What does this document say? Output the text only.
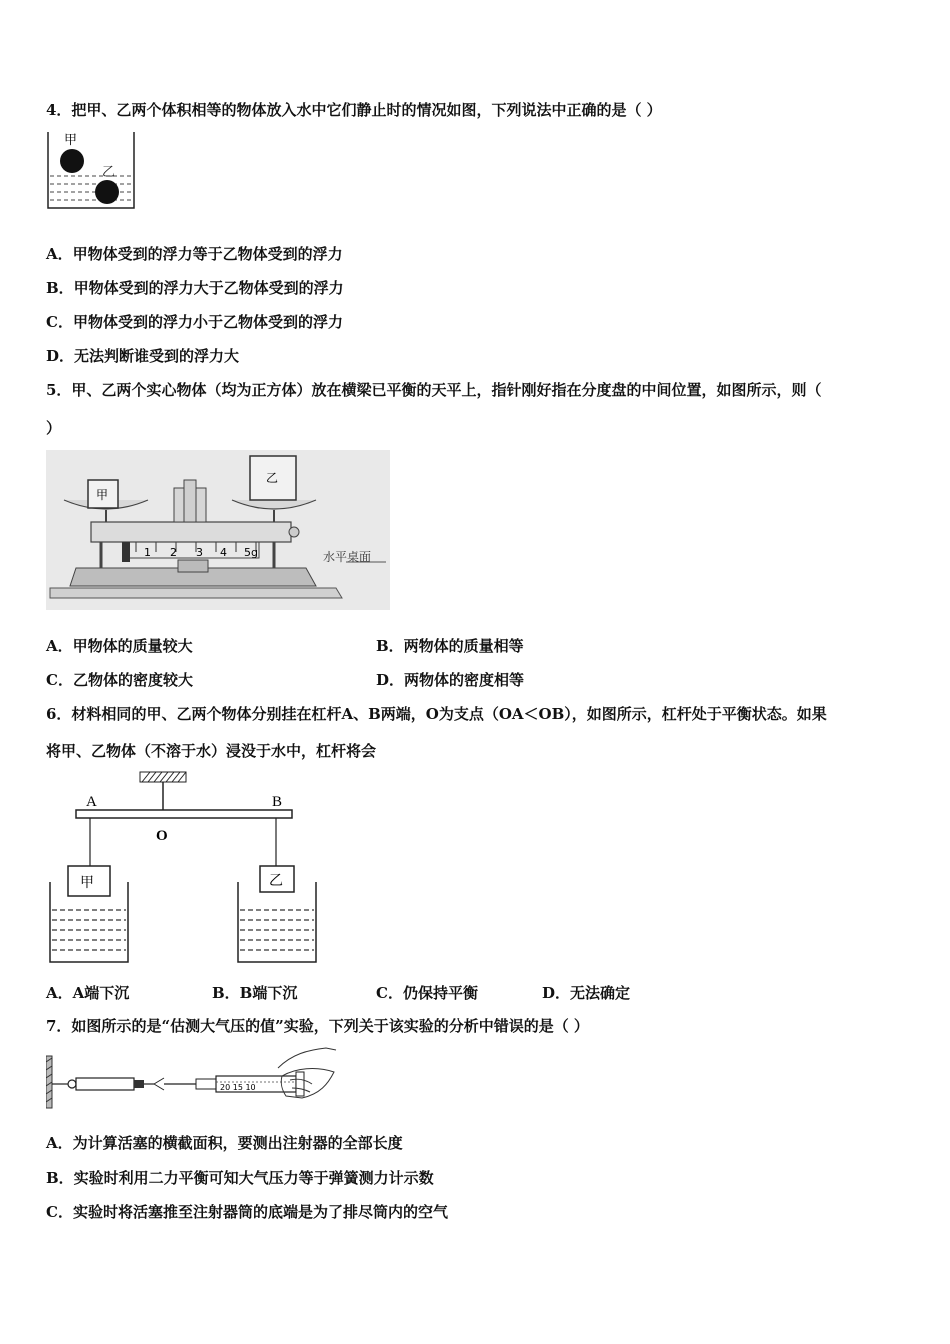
4．把甲、乙两个体积相等的物体放入水中它们静止时的情况如图，下列说法中正确的是（ ）
甲
乙
A．甲物体受到的浮力等于乙物体受到的浮力
B．甲物体受到的浮力大于乙物体受到的浮力
C．甲物体受到的浮力小于乙物体受到的浮力
D．无法判断谁受到的浮力大
5．甲、乙两个实心物体（均为正方体）放在横梁已平衡的天平上，指针刚好指在分度盘的中间位置，如图所示，则（
）
水平桌面
1 2 3 4 5g
甲
乙
A．甲物体的质量较大	B．两物体的质量相等
C．乙物体的密度较大	D．两物体的密度相等
6．材料相同的甲、乙两个物体分别挂在杠杆A、B两端，O为支点（OA＜OB），如图所示，杠杆处于平衡状态。如果
将甲、乙物体（不溶于水）浸没于水中，杠杆将会
A	B
O
甲	乙
A．A端下沉	B．B端下沉	C．仍保持平衡	D．无法确定
7．如图所示的是“估测大气压的值”实验，下列关于该实验的分析中错误的是（ ）
20 15 10
A．为计算活塞的横截面积，要测出注射器的全部长度
B．实验时利用二力平衡可知大气压力等于弹簧测力计示数
C．实验时将活塞推至注射器筒的底端是为了排尽筒内的空气
